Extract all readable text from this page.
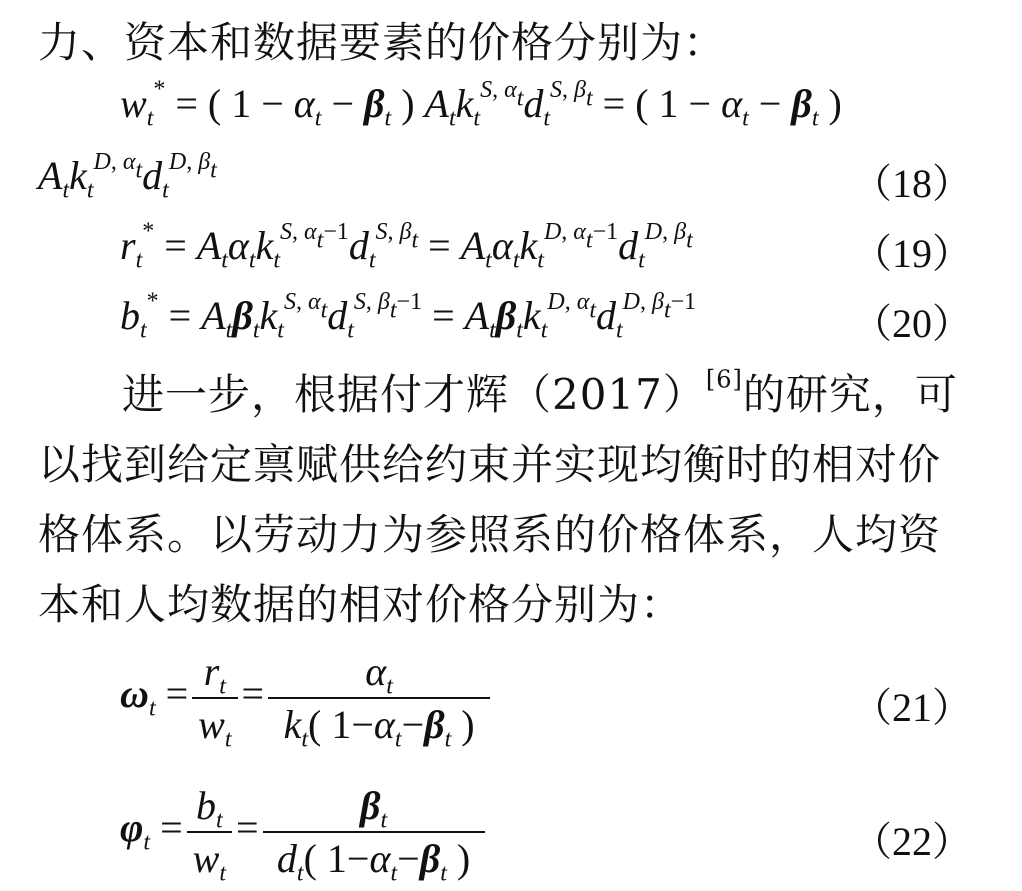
力、资本和数据要素的价格分别为：
$w_t^*$ = ( $1 - \alpha_t - \beta_t$ ) $A_tk_t^{S, \alpha_t}d_t^{S, \beta_t}$ = ( $1 - \alpha_t - \beta_t$ )
$A_tk_t^{D, \alpha_t}d_t^{D, \beta_t}$	（18）
$r_t^* = A_t\alpha_tk_t^{S, \alpha_t-1}d_t^{S, \beta_t} = A_t\alpha_tk_t^{D, \alpha_t-1}d_t^{D, \beta_t}$	（19）
$b_t^* = A_t\beta_tk_t^{S, \alpha_t}d_t^{S, \beta_t-1} = A_t\beta_tk_t^{D, \alpha_t}d_t^{D, \beta_t-1}$	（20）
进一步，根据付才辉（2017）[6]的研究，可
以找到给定禀赋供给约束并实现均衡时的相对价
格体系。以劳动力为参照系的价格体系，人均资
本和人均数据的相对价格分别为：
$\omega_t = \frac{r_t}{w_t} = \frac{\alpha_t}{k_t( 1-\alpha_t-\beta_t )}$	（21）
$\varphi_t = \frac{b_t}{w_t} = \frac{\beta_t}{d_t( 1-\alpha_t-\beta_t )}$	（22）
